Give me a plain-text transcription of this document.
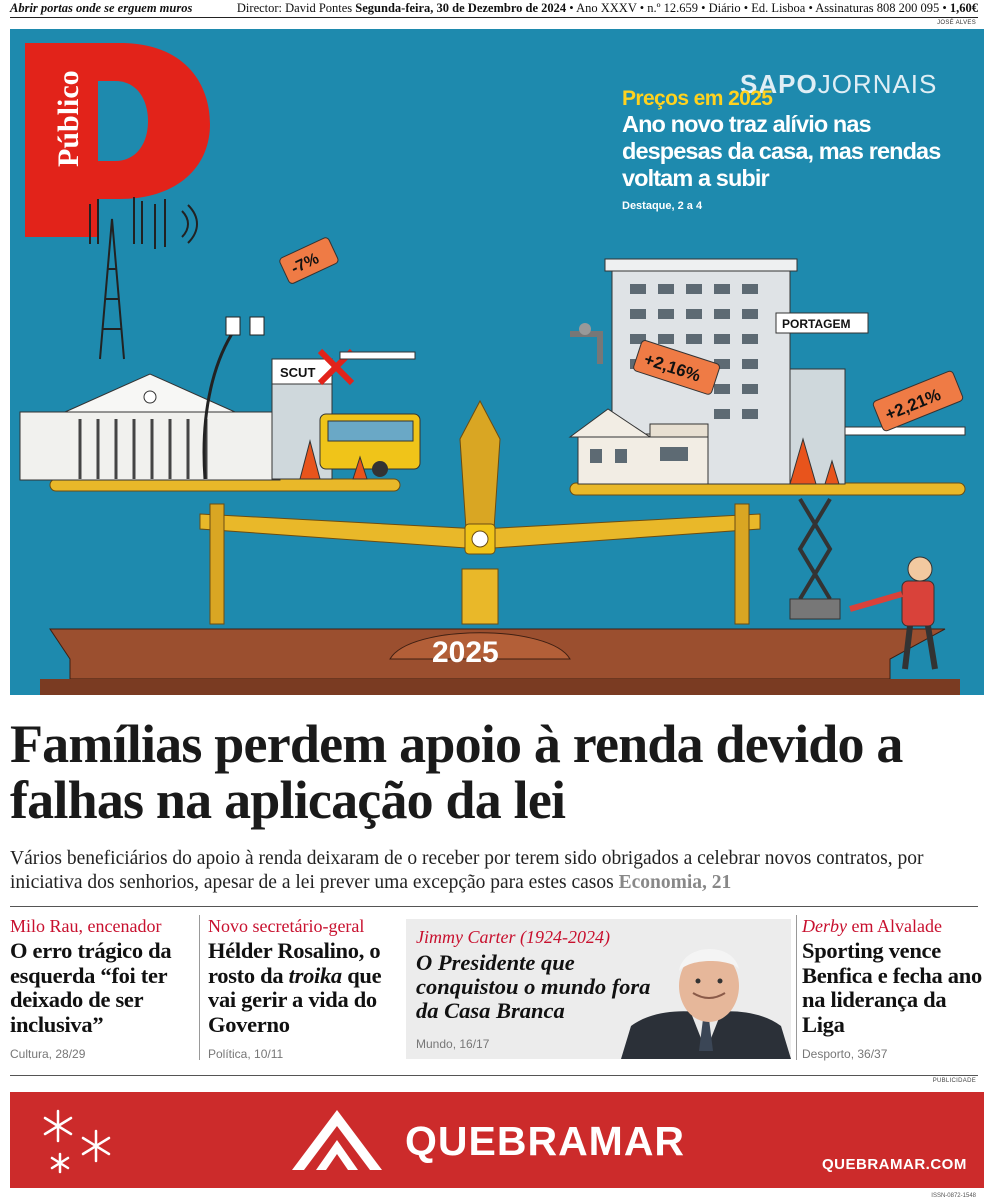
Abrir portas onde se erguem muros	Director: David Pontes Segunda-feira, 30 de Dezembro de 2024 • Ano XXXV • n.º 12.659 • Diário • Ed. Lisboa • Assinaturas 808 200 095 • 1,60€
JOSÉ ALVES
Público
SCUT
-7%
2025
+2,16%
PORTAGEM
+2,21%
SAPOJORNAIS
Preços em 2025
Ano novo traz alívio nas despesas da casa, mas rendas voltam a subir
Destaque, 2 a 4
Famílias perdem apoio à renda devido a falhas na aplicação da lei

Vários beneficiários do apoio à renda deixaram de o receber por terem sido obrigados a celebrar novos contratos, por iniciativa dos senhorios, apesar de a lei prever uma excepção para estes casos Economia, 21

Milo Rau, encenador
O erro trágico da esquerda “foi ter deixado de ser inclusiva”
Cultura, 28/29
Novo secretário-geral
Hélder Rosalino, o rosto da troika que vai gerir a vida do Governo
Política, 10/11
Jimmy Carter (1924-2024)
O Presidente que conquistou o mundo fora da Casa Branca
Mundo, 16/17
Derby em Alvalade
Sporting vence Benfica e fecha ano na liderança da Liga
Desporto, 36/37
PUBLICIDADE
QUEBRAMAR
QUEBRAMAR.COM
ISSN-0872-1548
